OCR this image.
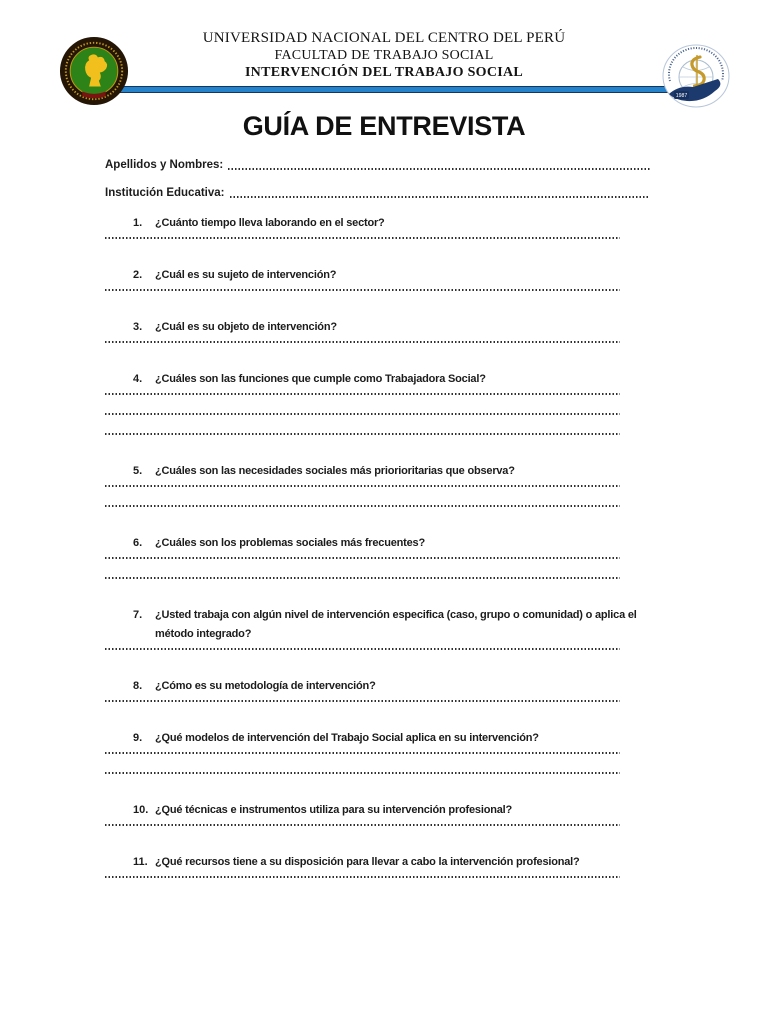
1987
UNIVERSIDAD NACIONAL DEL CENTRO DEL PERÚ
FACULTAD DE TRABAJO SOCIAL
INTERVENCIÓN DEL TRABAJO SOCIAL
GUÍA DE ENTREVISTA
Apellidos y Nombres:
Institución Educativa:
1.	¿Cuánto tiempo lleva laborando en el sector?
2.	¿Cuál es su sujeto de intervención?
3.	¿Cuál es su objeto de intervención?
4.	¿Cuáles son las funciones que cumple como Trabajadora Social?
5.	¿Cuáles son las necesidades sociales más priorioritarias que observa?
6.	¿Cuáles son los problemas sociales más frecuentes?
7.	¿Usted trabaja con algún nivel de intervención especifica (caso, grupo o comunidad) o aplica el método integrado?
8.	¿Cómo es su metodología de intervención?
9.	¿Qué modelos de intervención del Trabajo Social aplica en su intervención?
10. ¿Qué técnicas e instrumentos utiliza para su intervención profesional?
11. ¿Qué recursos tiene a su disposición para llevar a cabo la intervención profesional?
